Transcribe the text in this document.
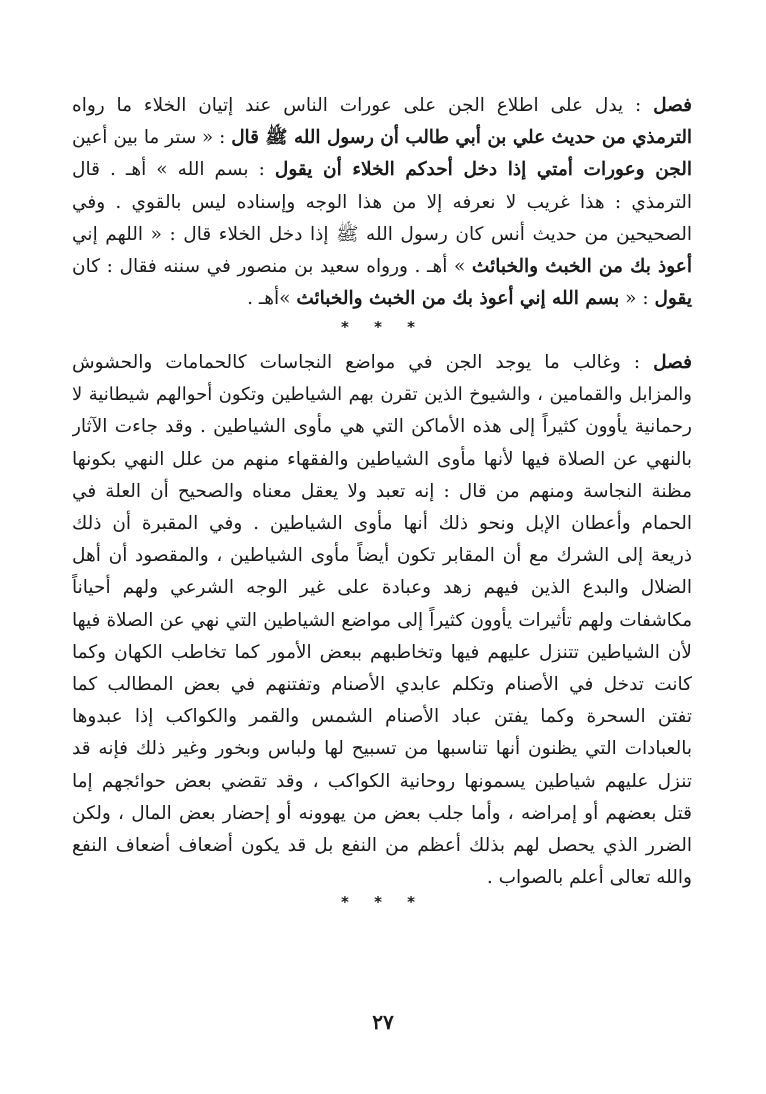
فصل : يدل على اطلاع الجن على عورات الناس عند إتيان الخلاء ما رواه
الترمذي من حديث علي بن أبي طالب أن رسول الله ﷺ قال : « ستر ما بين أعين
الجن وعورات أمتي إذا دخل أحدكم الخلاء أن يقول : بسم الله » أهـ . قال
الترمذي : هذا غريب لا نعرفه إلا من هذا الوجه وإسناده ليس بالقوي . وفي
الصحيحين من حديث أنس كان رسول الله ﷺ إذا دخل الخلاء قال : « اللهم إني
أعوذ بك من الخبث والخبائث » أهـ . ورواه سعيد بن منصور في سننه فقال : كان
يقول : « بسم الله إني أعوذ بك من الخبث والخبائث »أهـ .
* * *
فصل : وغالب ما يوجد الجن في مواضع النجاسات كالحمامات والحشوش
والمزابل والقمامين ، والشيوخ الذين تقرن بهم الشياطين وتكون أحوالهم شيطانية لا
رحمانية يأوون كثيراً إلى هذه الأماكن التي هي مأوى الشياطين . وقد جاءت الآثار
بالنهي عن الصلاة فيها لأنها مأوى الشياطين والفقهاء منهم من علل النهي بكونها
مظنة النجاسة ومنهم من قال : إنه تعبد ولا يعقل معناه والصحيح أن العلة في
الحمام وأعطان الإبل ونحو ذلك أنها مأوى الشياطين . وفي المقبرة أن ذلك
ذريعة إلى الشرك مع أن المقابر تكون أيضاً مأوى الشياطين ، والمقصود أن أهل
الضلال والبدع الذين فيهم زهد وعبادة على غير الوجه الشرعي ولهم أحياناً
مكاشفات ولهم تأثيرات يأوون كثيراً إلى مواضع الشياطين التي نهي عن الصلاة فيها
لأن الشياطين تتنزل عليهم فيها وتخاطبهم ببعض الأمور كما تخاطب الكهان وكما
كانت تدخل في الأصنام وتكلم عابدي الأصنام وتفتنهم في بعض المطالب كما
تفتن السحرة وكما يفتن عباد الأصنام الشمس والقمر والكواكب إذا عبدوها
بالعبادات التي يظنون أنها تناسبها من تسبيح لها ولباس وبخور وغير ذلك فإنه قد
تنزل عليهم شياطين يسمونها روحانية الكواكب ، وقد تقضي بعض حوائجهم إما
قتل بعضهم أو إمراضه ، وأما جلب بعض من يهوونه أو إحضار بعض المال ، ولكن
الضرر الذي يحصل لهم بذلك أعظم من النفع بل قد يكون أضعاف أضعاف النفع
والله تعالى أعلم بالصواب .
* * *
٢٧
